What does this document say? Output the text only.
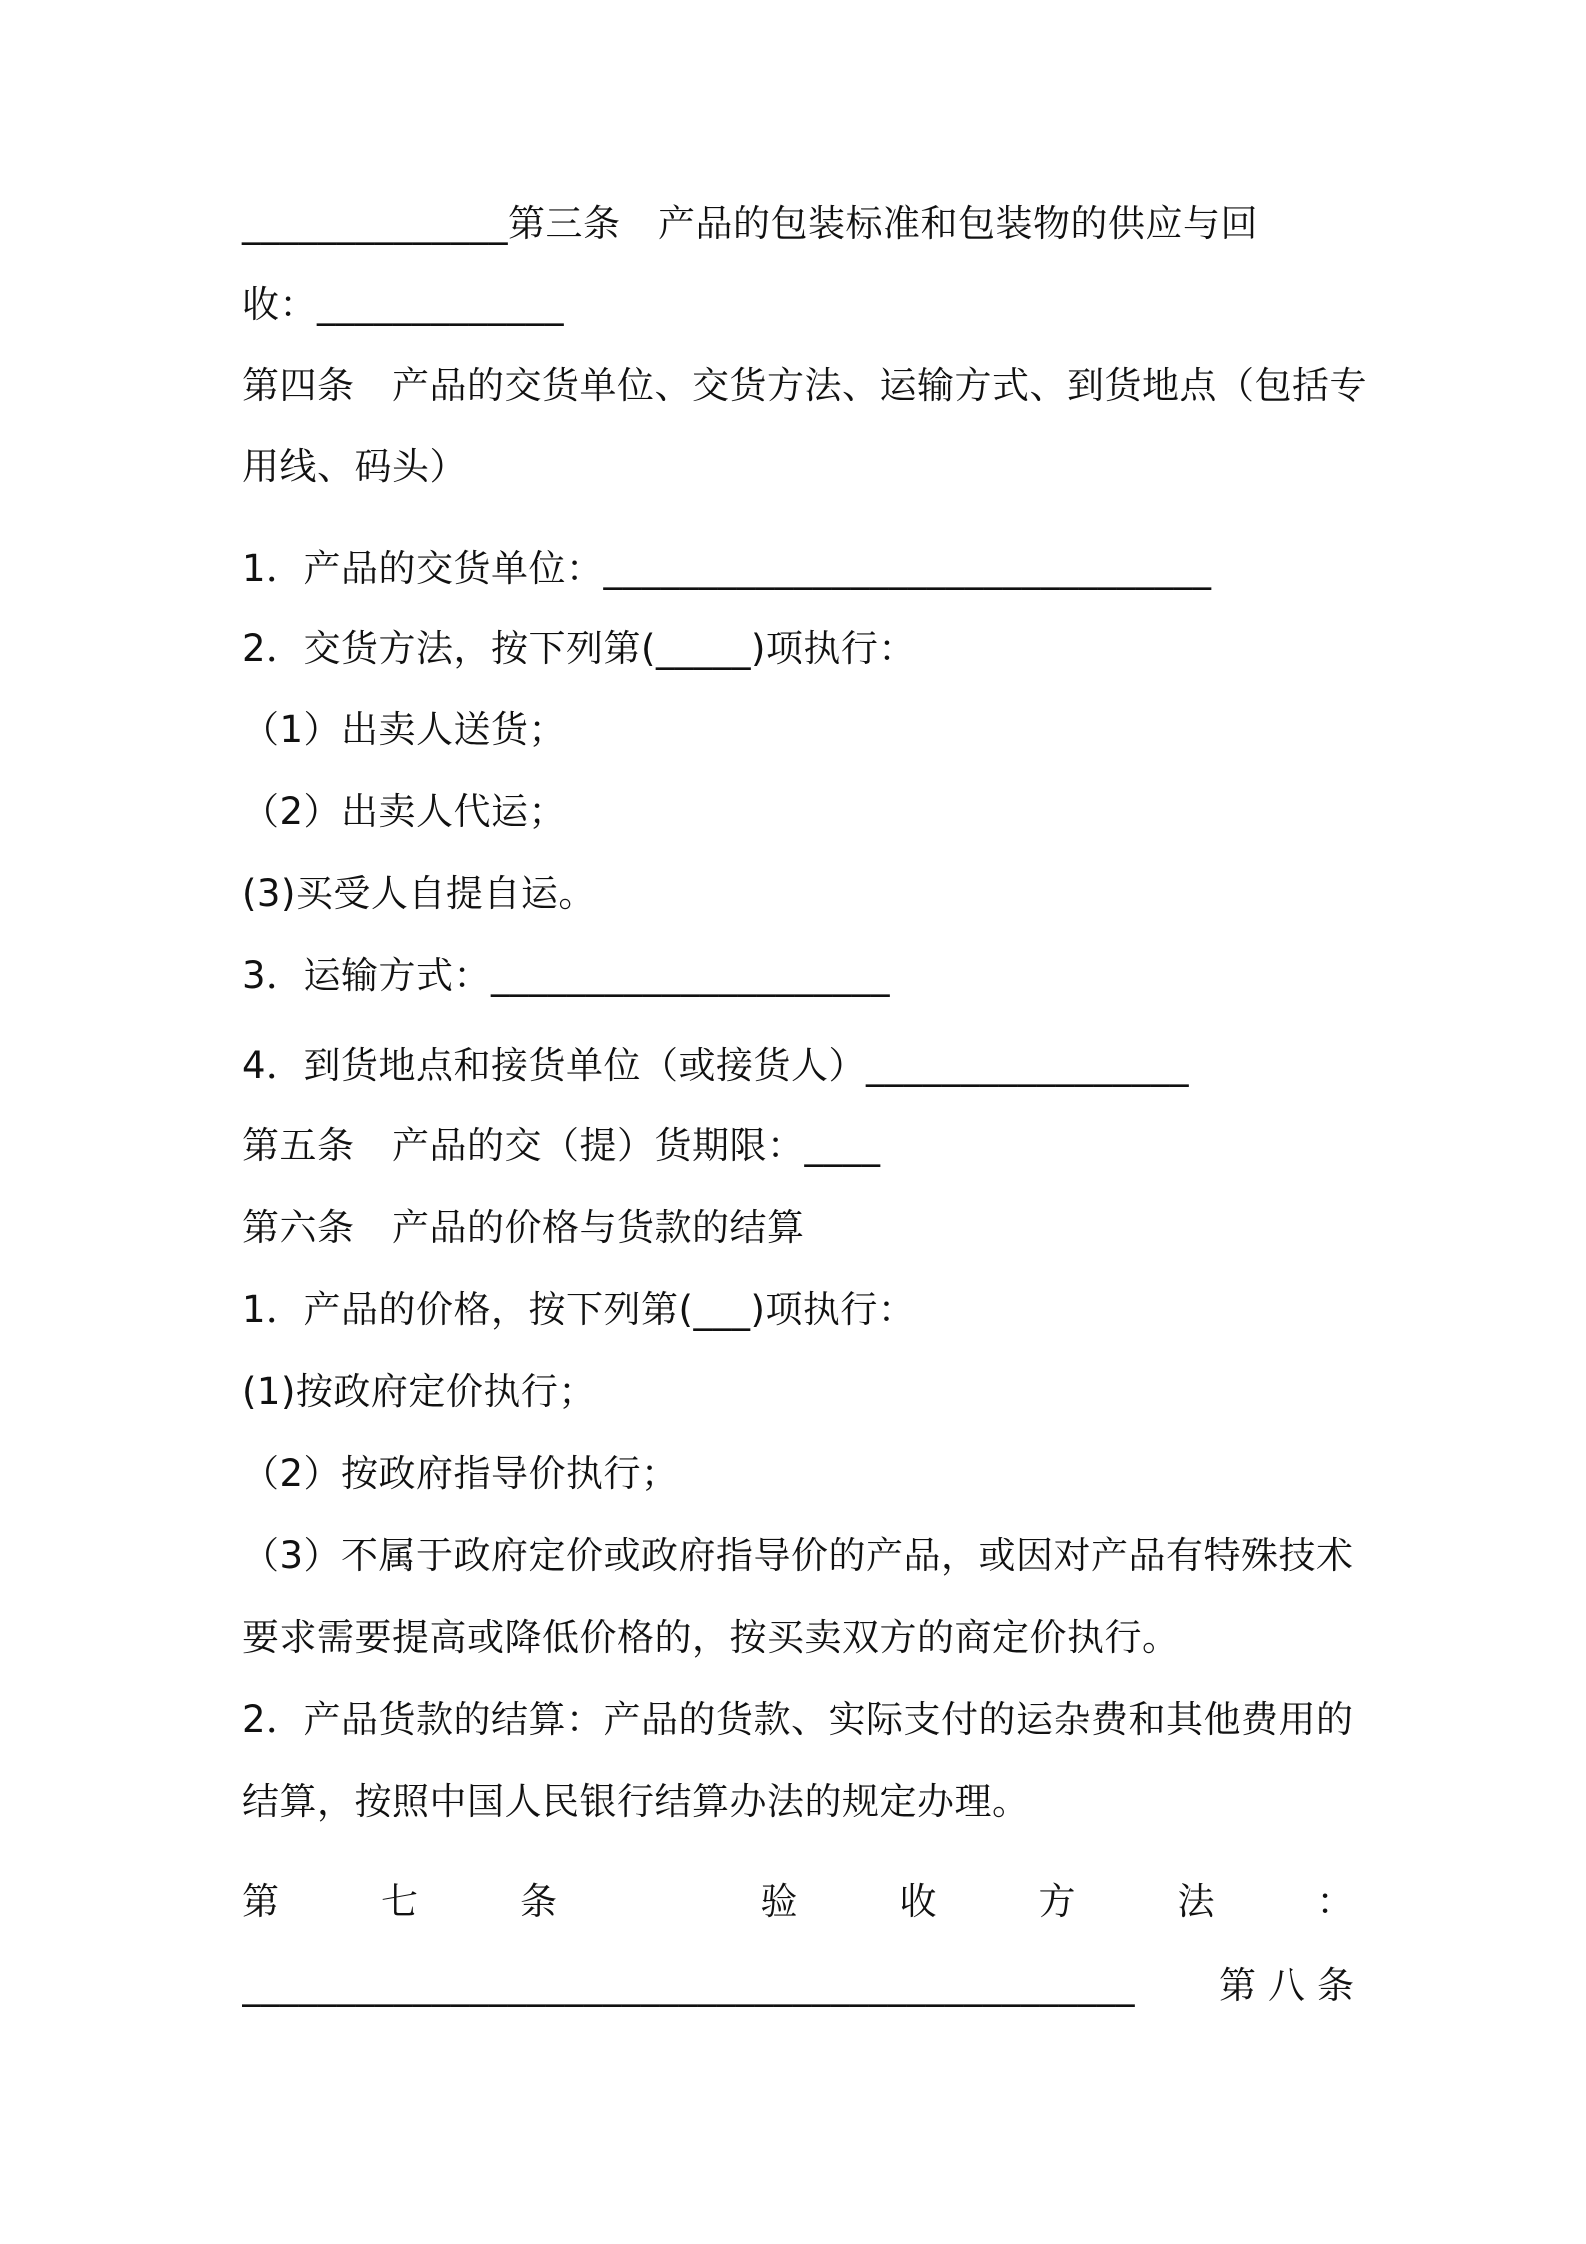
______________第三条　产品的包装标准和包装物的供应与回
收：_____________
第四条　产品的交货单位、交货方法、运输方式、到货地点（包括专
用线、码头）
1．产品的交货单位：________________________________
2．交货方法，按下列第(_____)项执行：
（1）出卖人送货；
（2）出卖人代运；
(3)买受人自提自运。
3．运输方式：_____________________
4．到货地点和接货单位（或接货人）_________________
第五条　产品的交（提）货期限：____
第六条　产品的价格与货款的结算
1．产品的价格，按下列第(___)项执行：
(1)按政府定价执行；
（2）按政府指导价执行；
（3）不属于政府定价或政府指导价的产品，或因对产品有特殊技术
要求需要提高或降低价格的，按买卖双方的商定价执行。
2．产品货款的结算：产品的货款、实际支付的运杂费和其他费用的
结算，按照中国人民银行结算办法的规定办理。
第	七	条	验	收	方	法	：
_______________________________________________	第八条
